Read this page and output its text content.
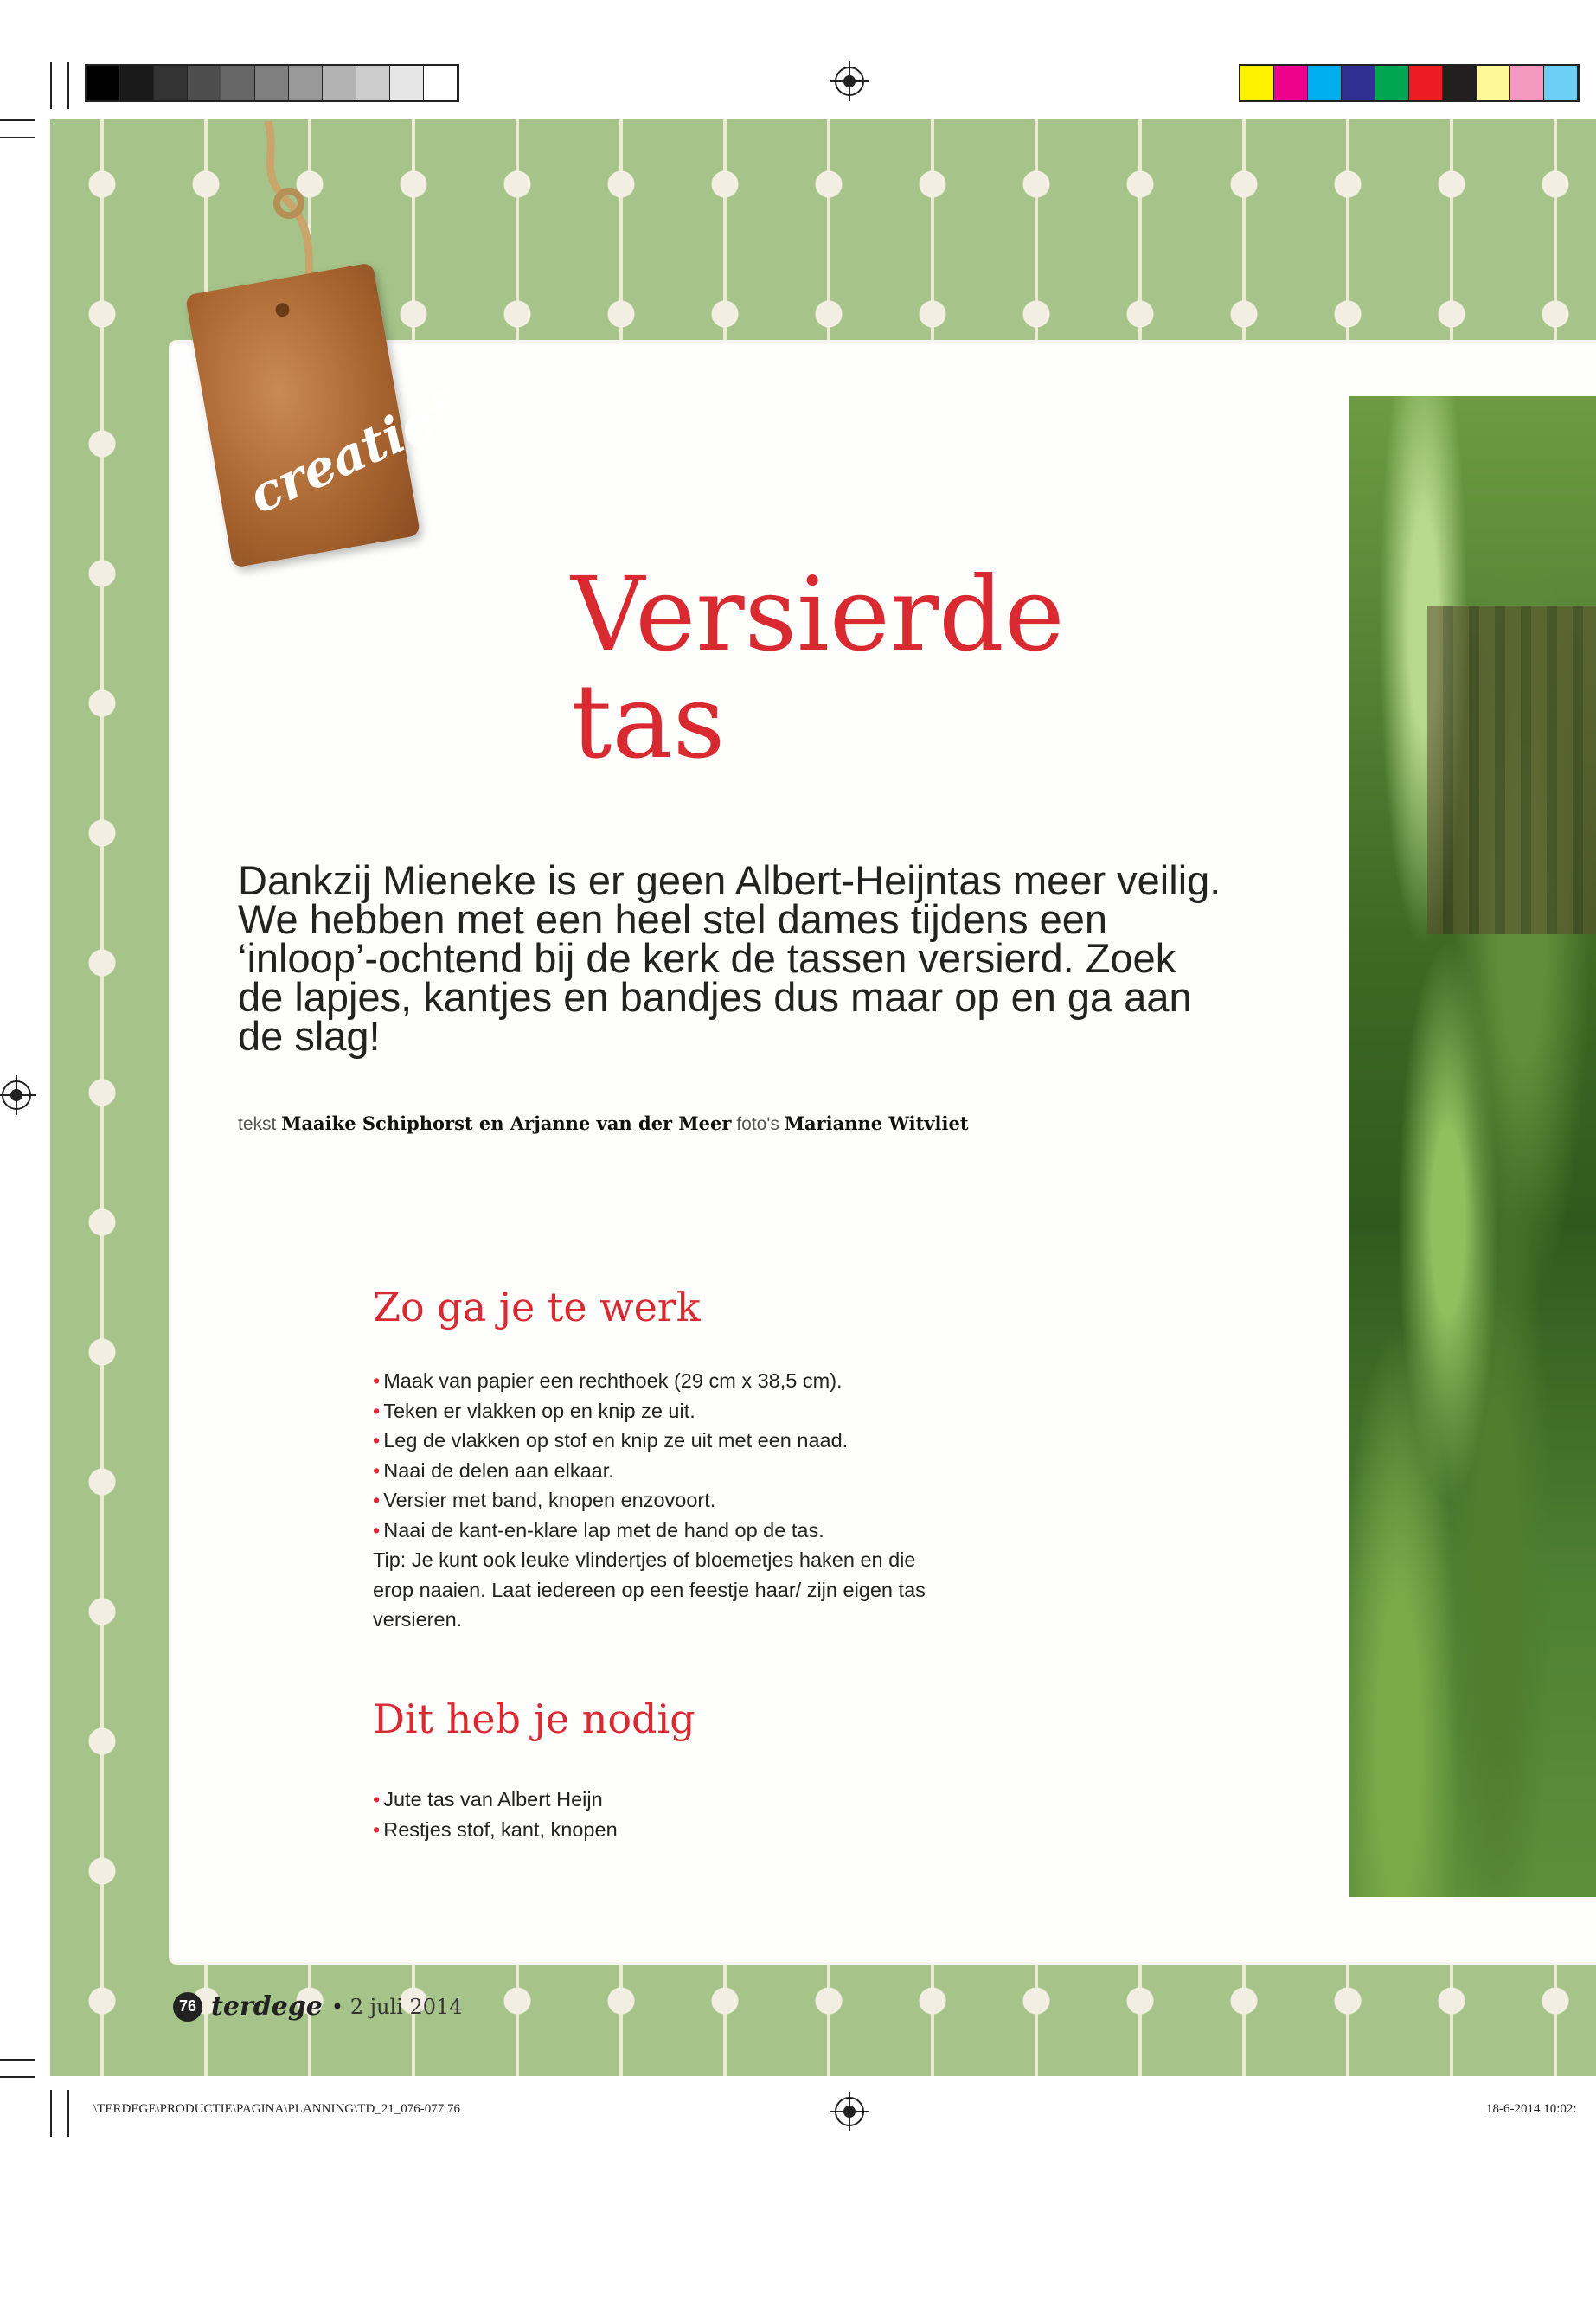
creatief
Versierde
tas

Dankzij Mieneke is er geen Albert-Heijntas meer veilig. We hebben met een heel stel dames tijdens een ‘inloop’-ochtend bij de kerk de tassen versierd. Zoek de lapjes, kantjes en bandjes dus maar op en ga aan de slag!

tekst Maaike Schiphorst en Arjanne van der Meer foto's Marianne Witvliet
Zo ga je te werk
• Maak van papier een rechthoek (29 cm x 38,5 cm).
• Teken er vlakken op en knip ze uit.
• Leg de vlakken op stof en knip ze uit met een naad.
• Naai de delen aan elkaar.
• Versier met band, knopen enzovoort.
• Naai de kant-en-klare lap met de hand op de tas.

Tip: Je kunt ook leuke vlindertjes of bloemetjes haken en die erop naaien. Laat iedereen op een feestje haar/ zijn eigen tas versieren.

Dit heb je nodig
• Jute tas van Albert Heijn
• Restjes stof, kant, knopen
76 terdege • 2 juli 2014
\TERDEGE\PRODUCTIE\PAGINA\PLANNING\TD_21_076-077 76	18-6-2014 10:02:
